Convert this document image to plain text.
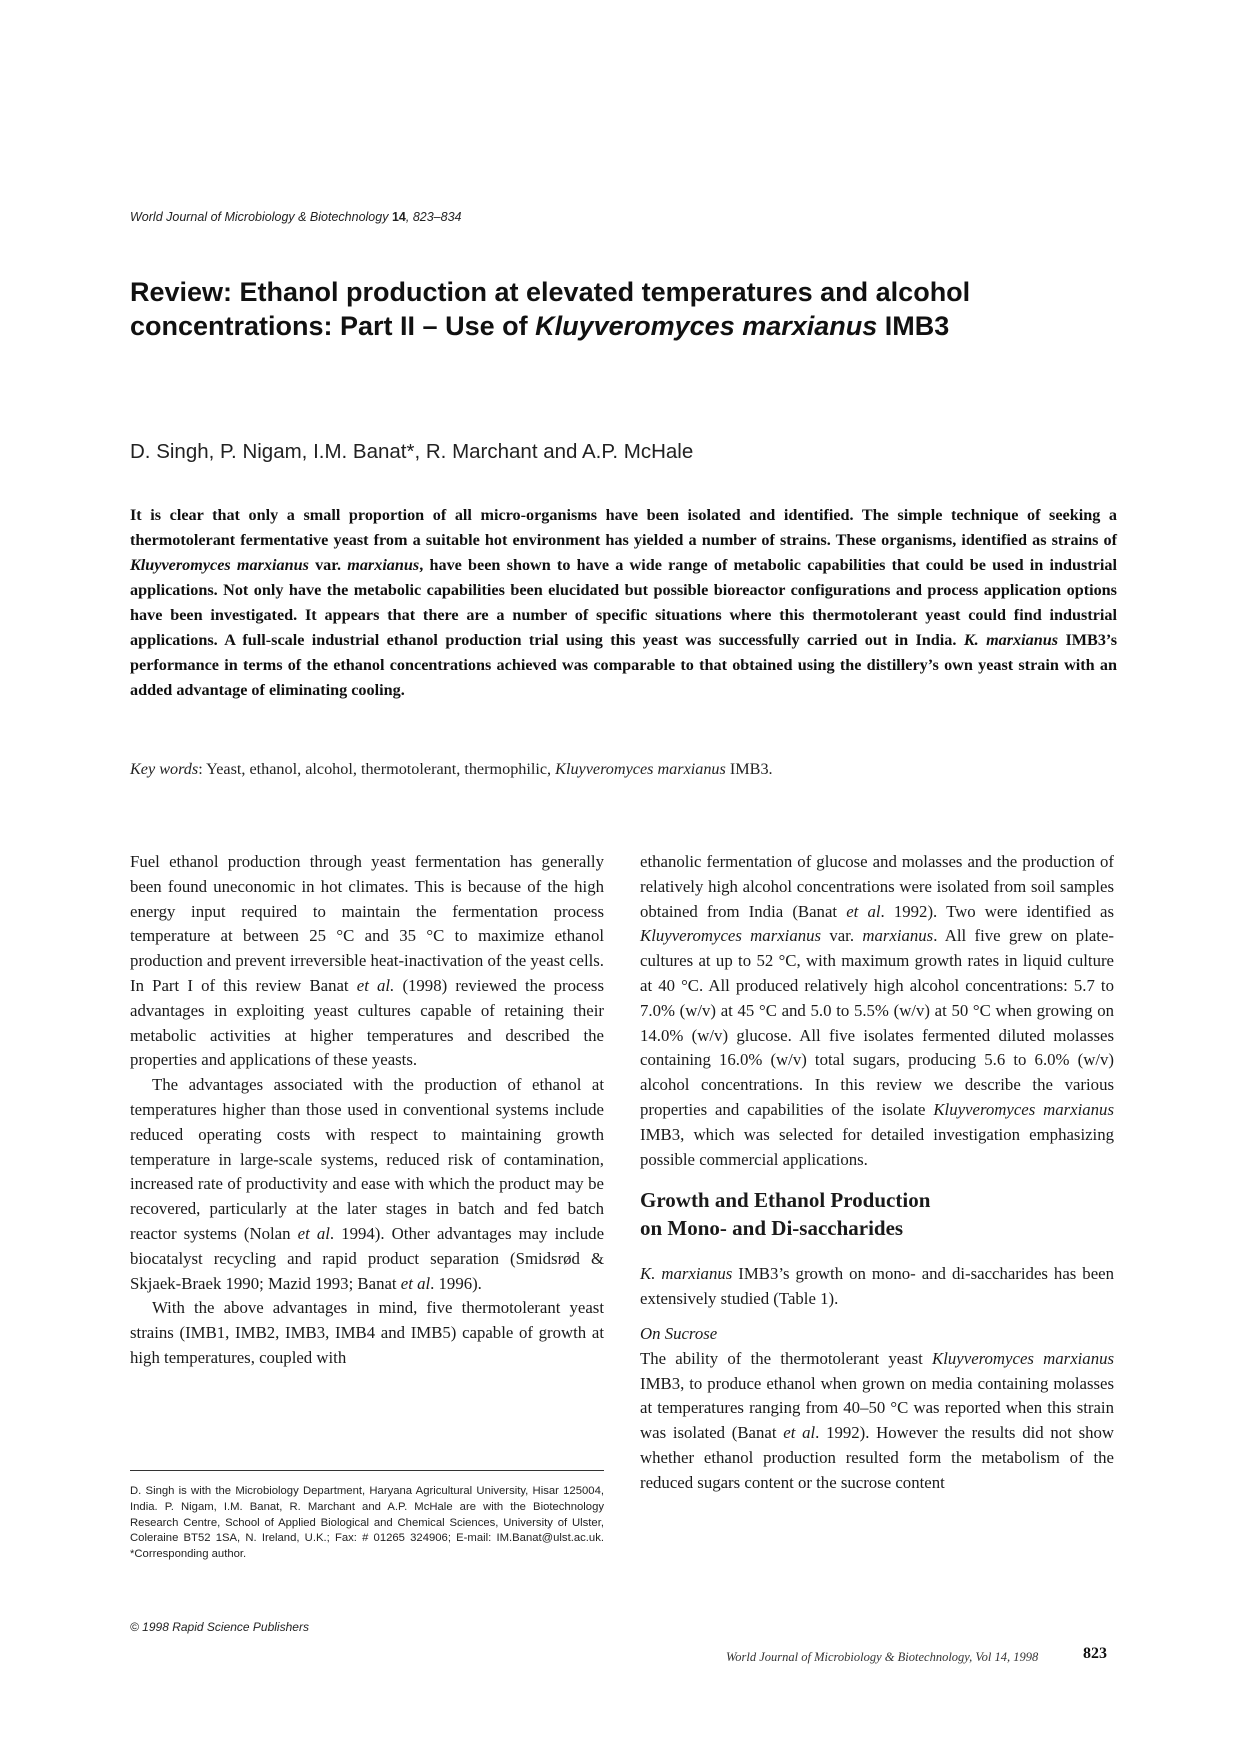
World Journal of Microbiology & Biotechnology 14, 823–834
Review: Ethanol production at elevated temperatures and alcohol
concentrations: Part II – Use of Kluyveromyces marxianus IMB3
D. Singh, P. Nigam, I.M. Banat*, R. Marchant and A.P. McHale
It is clear that only a small proportion of all micro-organisms have been isolated and identified. The simple technique of seeking a thermotolerant fermentative yeast from a suitable hot environment has yielded a number of strains. These organisms, identified as strains of Kluyveromyces marxianus var. marxianus, have been shown to have a wide range of metabolic capabilities that could be used in industrial applications. Not only have the metabolic capabilities been elucidated but possible bioreactor configurations and process application options have been investigated. It appears that there are a number of specific situations where this thermotolerant yeast could find industrial applications. A full-scale industrial ethanol production trial using this yeast was successfully carried out in India. K. marxianus IMB3’s performance in terms of the ethanol concentrations achieved was comparable to that obtained using the distillery’s own yeast strain with an added advantage of eliminating cooling.
Key words: Yeast, ethanol, alcohol, thermotolerant, thermophilic, Kluyveromyces marxianus IMB3.

Fuel ethanol production through yeast fermentation has generally been found uneconomic in hot climates. This is because of the high energy input required to maintain the fermentation process temperature at between 25 °C and 35 °C to maximize ethanol production and prevent irreversible heat-inactivation of the yeast cells. In Part I of this review Banat et al. (1998) reviewed the process advantages in exploiting yeast cultures capable of retaining their metabolic activities at higher temperatures and described the properties and applications of these yeasts.

The advantages associated with the production of ethanol at temperatures higher than those used in conventional systems include reduced operating costs with respect to maintaining growth temperature in large-scale systems, reduced risk of contamination, increased rate of productivity and ease with which the product may be recovered, particularly at the later stages in batch and fed batch reactor systems (Nolan et al. 1994). Other advantages may include biocatalyst recycling and rapid product separation (Smidsrød & Skjaek-Braek 1990; Mazid 1993; Banat et al. 1996).

With the above advantages in mind, five thermotolerant yeast strains (IMB1, IMB2, IMB3, IMB4 and IMB5) capable of growth at high temperatures, coupled with

ethanolic fermentation of glucose and molasses and the production of relatively high alcohol concentrations were isolated from soil samples obtained from India (Banat et al. 1992). Two were identified as Kluyveromyces marxianus var. marxianus. All five grew on plate-cultures at up to 52 °C, with maximum growth rates in liquid culture at 40 °C. All produced relatively high alcohol concentrations: 5.7 to 7.0% (w/v) at 45 °C and 5.0 to 5.5% (w/v) at 50 °C when growing on 14.0% (w/v) glucose. All five isolates fermented diluted molasses containing 16.0% (w/v) total sugars, producing 5.6 to 6.0% (w/v) alcohol concentrations. In this review we describe the various properties and capabilities of the isolate Kluyveromyces marxianus IMB3, which was selected for detailed investigation emphasizing possible commercial applications.

Growth and Ethanol Production
on Mono- and Di-saccharides

K. marxianus IMB3’s growth on mono- and di-saccharides has been extensively studied (Table 1).

On Sucrose

The ability of the thermotolerant yeast Kluyveromyces marxianus IMB3, to produce ethanol when grown on media containing molasses at temperatures ranging from 40–50 °C was reported when this strain was isolated (Banat et al. 1992). However the results did not show whether ethanol production resulted form the metabolism of the reduced sugars content or the sucrose content

D. Singh is with the Microbiology Department, Haryana Agricultural University, Hisar 125004, India. P. Nigam, I.M. Banat, R. Marchant and A.P. McHale are with the Biotechnology Research Centre, School of Applied Biological and Chemical Sciences, University of Ulster, Coleraine BT52 1SA, N. Ireland, U.K.; Fax: # 01265 324906; E-mail: IM.Banat@ulst.ac.uk. *Corresponding author.
© 1998 Rapid Science Publishers
World Journal of Microbiology & Biotechnology, Vol 14, 1998	823
